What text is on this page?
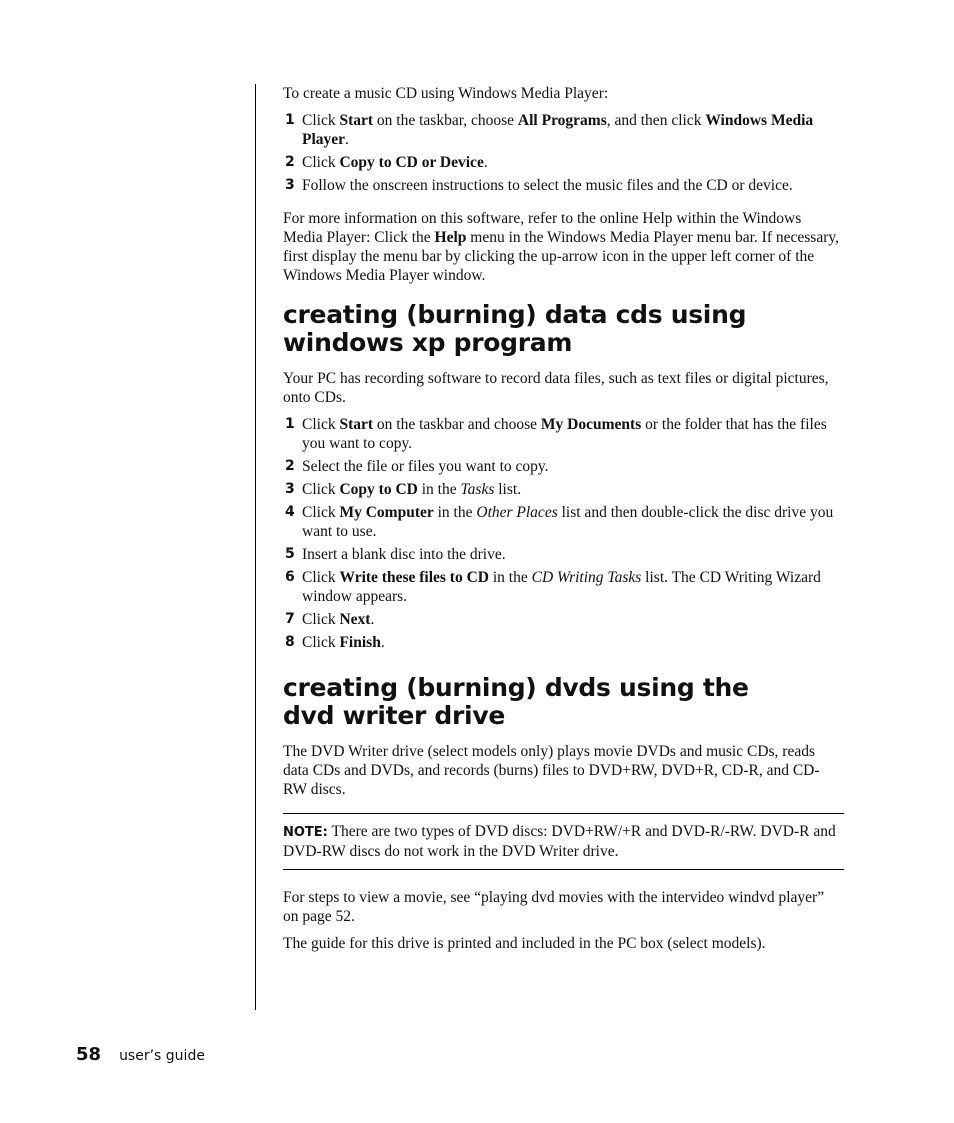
To create a music CD using Windows Media Player:

1 Click Start on the taskbar, choose All Programs, and then click Windows Media Player.
2 Click Copy to CD or Device.
3 Follow the onscreen instructions to select the music files and the CD or device.

For more information on this software, refer to the online Help within the Windows Media Player: Click the Help menu in the Windows Media Player menu bar. If necessary, first display the menu bar by clicking the up-arrow icon in the upper left corner of the Windows Media Player window.

creating (burning) data cds using
windows xp program

Your PC has recording software to record data files, such as text files or digital pictures, onto CDs.

1 Click Start on the taskbar and choose My Documents or the folder that has the files you want to copy.
2 Select the file or files you want to copy.
3 Click Copy to CD in the Tasks list.
4 Click My Computer in the Other Places list and then double-click the disc drive you want to use.
5 Insert a blank disc into the drive.
6 Click Write these files to CD in the CD Writing Tasks list. The CD Writing Wizard window appears.
7 Click Next.
8 Click Finish.
creating (burning) dvds using the
dvd writer drive

The DVD Writer drive (select models only) plays movie DVDs and music CDs, reads data CDs and DVDs, and records (burns) files to DVD+RW, DVD+R, CD-R, and CD-RW discs.

NOTE: There are two types of DVD discs: DVD+RW/+R and DVD-R/-RW. DVD-R and DVD-RW discs do not work in the DVD Writer drive.

For steps to view a movie, see “playing dvd movies with the intervideo windvd player” on page 52.

The guide for this drive is printed and included in the PC box (select models).

58 user’s guide
